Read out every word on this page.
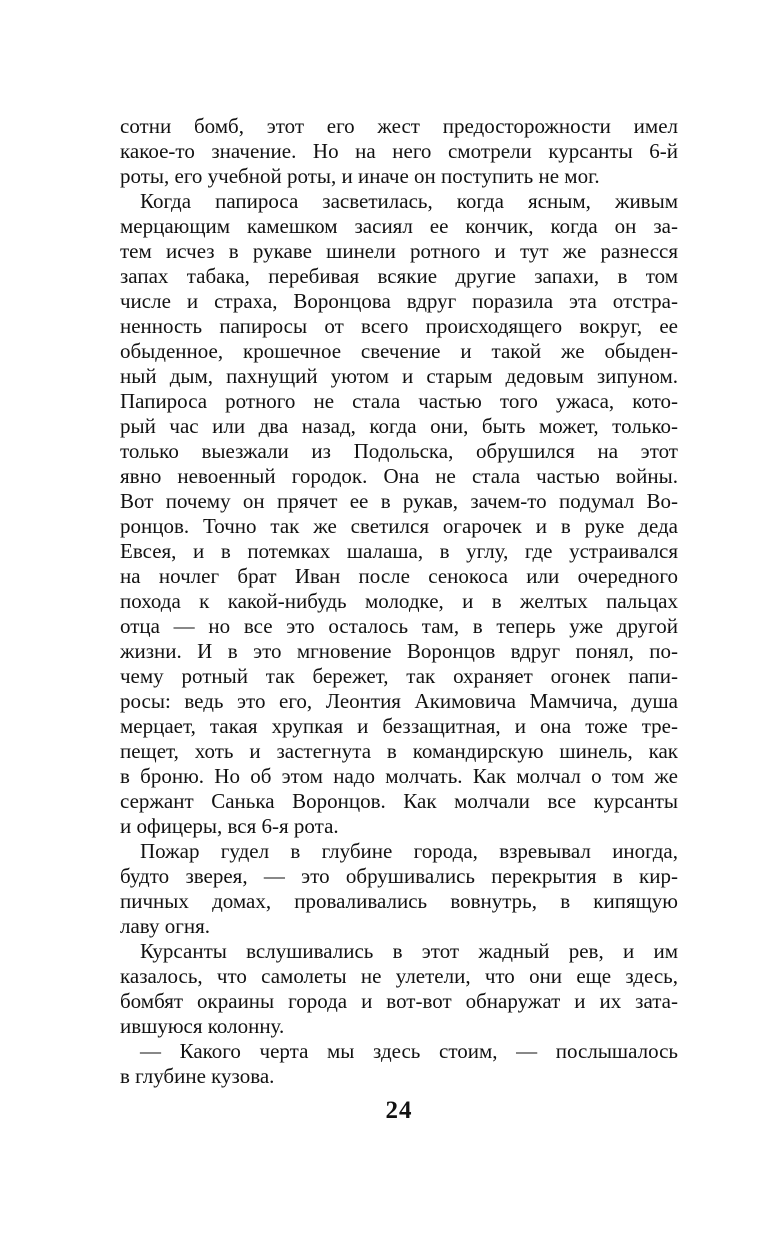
сотни бомб, этот его жест предосторожности имел
какое-то значение. Но на него смотрели курсанты 6-й
роты, его учебной роты, и иначе он поступить не мог.
Когда папироса засветилась, когда ясным, живым
мерцающим камешком засиял ее кончик, когда он за-
тем исчез в рукаве шинели ротного и тут же разнесся
запах табака, перебивая всякие другие запахи, в том
числе и страха, Воронцова вдруг поразила эта отстра-
ненность папиросы от всего происходящего вокруг, ее
обыденное, крошечное свечение и такой же обыден-
ный дым, пахнущий уютом и старым дедовым зипуном.
Папироса ротного не стала частью того ужаса, кото-
рый час или два назад, когда они, быть может, только-
только выезжали из Подольска, обрушился на этот
явно невоенный городок. Она не стала частью войны.
Вот почему он прячет ее в рукав, зачем-то подумал Во-
ронцов. Точно так же светился огарочек и в руке деда
Евсея, и в потемках шалаша, в углу, где устраивался
на ночлег брат Иван после сенокоса или очередного
похода к какой-нибудь молодке, и в желтых пальцах
отца — но все это осталось там, в теперь уже другой
жизни. И в это мгновение Воронцов вдруг понял, по-
чему ротный так бережет, так охраняет огонек папи-
росы: ведь это его, Леонтия Акимовича Мамчича, душа
мерцает, такая хрупкая и беззащитная, и она тоже тре-
пещет, хоть и застегнута в командирскую шинель, как
в броню. Но об этом надо молчать. Как молчал о том же
сержант Санька Воронцов. Как молчали все курсанты
и офицеры, вся 6-я рота.
Пожар гудел в глубине города, взревывал иногда,
будто зверея, — это обрушивались перекрытия в кир-
пичных домах, проваливались вовнутрь, в кипящую
лаву огня.
Курсанты вслушивались в этот жадный рев, и им
казалось, что самолеты не улетели, что они еще здесь,
бомбят окраины города и вот-вот обнаружат и их зата-
ившуюся колонну.
— Какого черта мы здесь стоим, — послышалось
в глубине кузова.
24
